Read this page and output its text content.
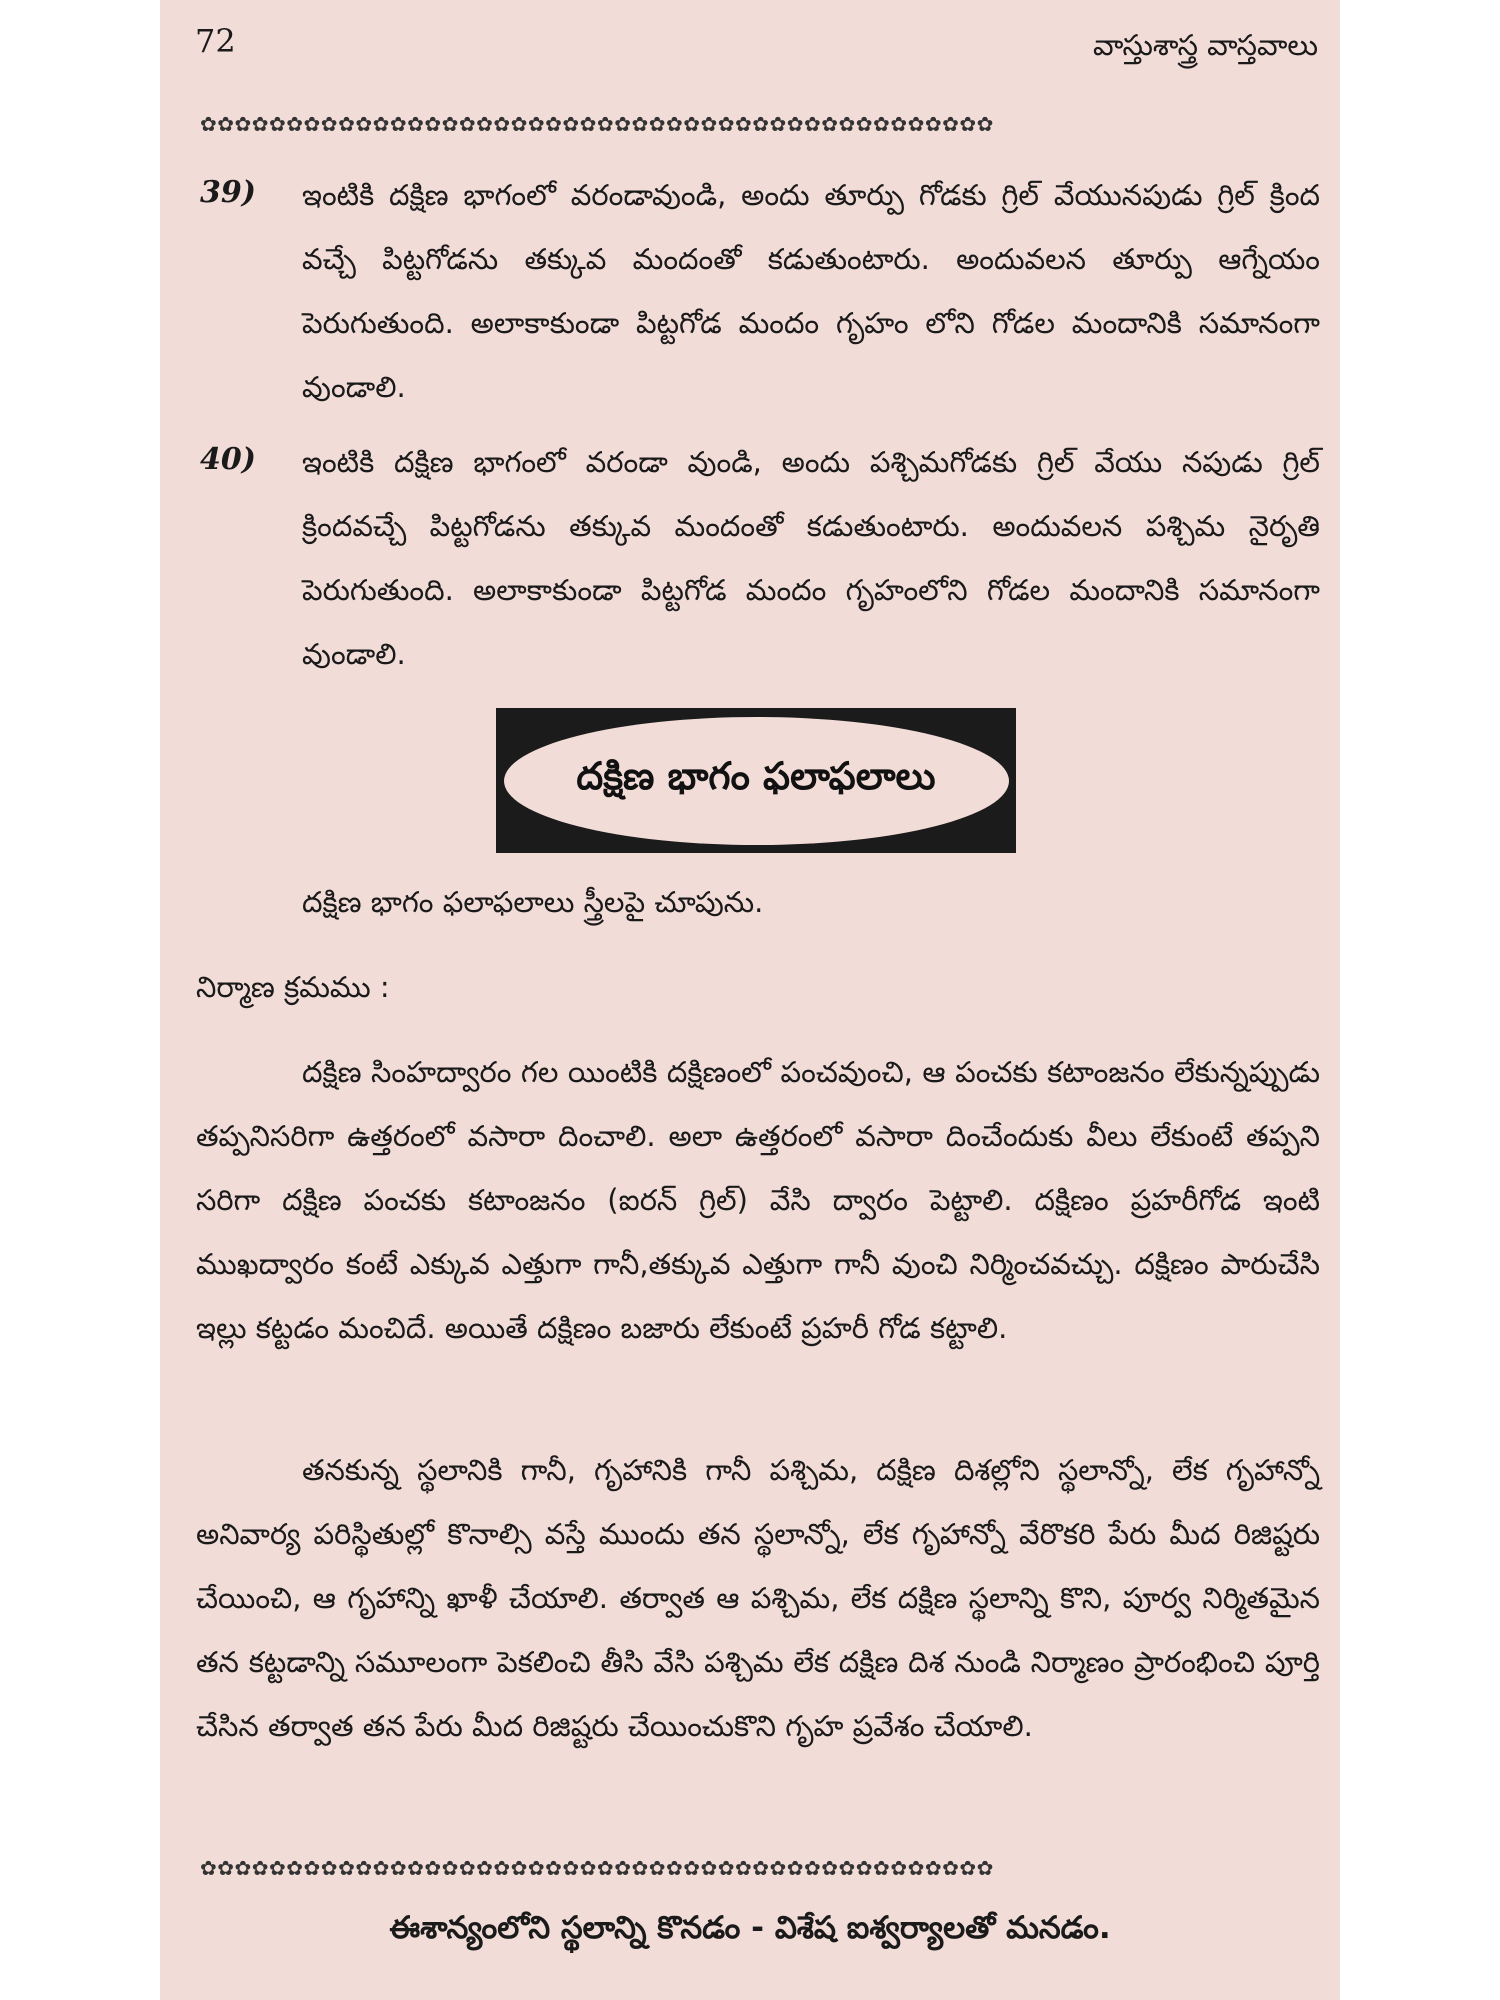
72	వాస్తుశాస్త్ర వాస్తవాలు
✿✿✿✿✿✿✿✿✿✿✿✿✿✿✿✿✿✿✿✿✿✿✿✿✿✿✿✿✿✿✿✿✿✿✿✿✿✿✿✿✿✿✿✿✿✿
39) ఇంటికి దక్షిణ భాగంలో వరండావుండి, అందు తూర్పు గోడకు గ్రిల్ వేయునపుడు గ్రిల్ క్రింద వచ్చే పిట్టగోడను తక్కువ మందంతో కడుతుంటారు. అందువలన తూర్పు ఆగ్నేయం పెరుగుతుంది. అలాకాకుండా పిట్టగోడ మందం గృహం లోని గోడల మందానికి సమానంగా వుండాలి.

40) ఇంటికి దక్షిణ భాగంలో వరండా వుండి, అందు పశ్చిమగోడకు గ్రిల్ వేయు నపుడు గ్రిల్ క్రిందవచ్చే పిట్టగోడను తక్కువ మందంతో కడుతుంటారు. అందువలన పశ్చిమ నైరృతి పెరుగుతుంది. అలాకాకుండా పిట్టగోడ మందం గృహంలోని గోడల మందానికి సమానంగా వుండాలి.

దక్షిణ భాగం ఫలాఫలాలు

దక్షిణ భాగం ఫలాఫలాలు స్త్రీలపై చూపును.

నిర్మాణ క్రమము :

దక్షిణ సింహద్వారం గల యింటికి దక్షిణంలో పంచవుంచి, ఆ పంచకు కటాంజనం లేకున్నప్పుడు తప్పనిసరిగా ఉత్తరంలో వసారా దించాలి. అలా ఉత్తరంలో వసారా దించేందుకు వీలు లేకుంటే తప్పని సరిగా దక్షిణ పంచకు కటాంజనం (ఐరన్ గ్రిల్) వేసి ద్వారం పెట్టాలి. దక్షిణం ప్రహరీగోడ ఇంటి ముఖద్వారం కంటే ఎక్కువ ఎత్తుగా గానీ,తక్కువ ఎత్తుగా గానీ వుంచి నిర్మించవచ్చు. దక్షిణం పారుచేసి ఇల్లు కట్టడం మంచిదే. అయితే దక్షిణం బజారు లేకుంటే ప్రహరీ గోడ కట్టాలి.

తనకున్న స్థలానికి గానీ, గృహానికి గానీ పశ్చిమ, దక్షిణ దిశల్లోని స్థలాన్నో, లేక గృహాన్నో అనివార్య పరిస్థితుల్లో కొనాల్సి వస్తే ముందు తన స్థలాన్నో, లేక గృహాన్నో వేరొకరి పేరు మీద రిజిష్టరు చేయించి, ఆ గృహాన్ని ఖాళీ చేయాలి. తర్వాత ఆ పశ్చిమ, లేక దక్షిణ స్థలాన్ని కొని, పూర్వ నిర్మితమైన తన కట్టడాన్ని సమూలంగా పెకలించి తీసి వేసి పశ్చిమ లేక దక్షిణ దిశ నుండి నిర్మాణం ప్రారంభించి పూర్తి చేసిన తర్వాత తన పేరు మీద రిజిష్టరు చేయించుకొని గృహ ప్రవేశం చేయాలి.

✿✿✿✿✿✿✿✿✿✿✿✿✿✿✿✿✿✿✿✿✿✿✿✿✿✿✿✿✿✿✿✿✿✿✿✿✿✿✿✿✿✿✿✿✿✿
ఈశాన్యంలోని స్థలాన్ని కొనడం - విశేష ఐశ్వర్యాలతో మనడం.
